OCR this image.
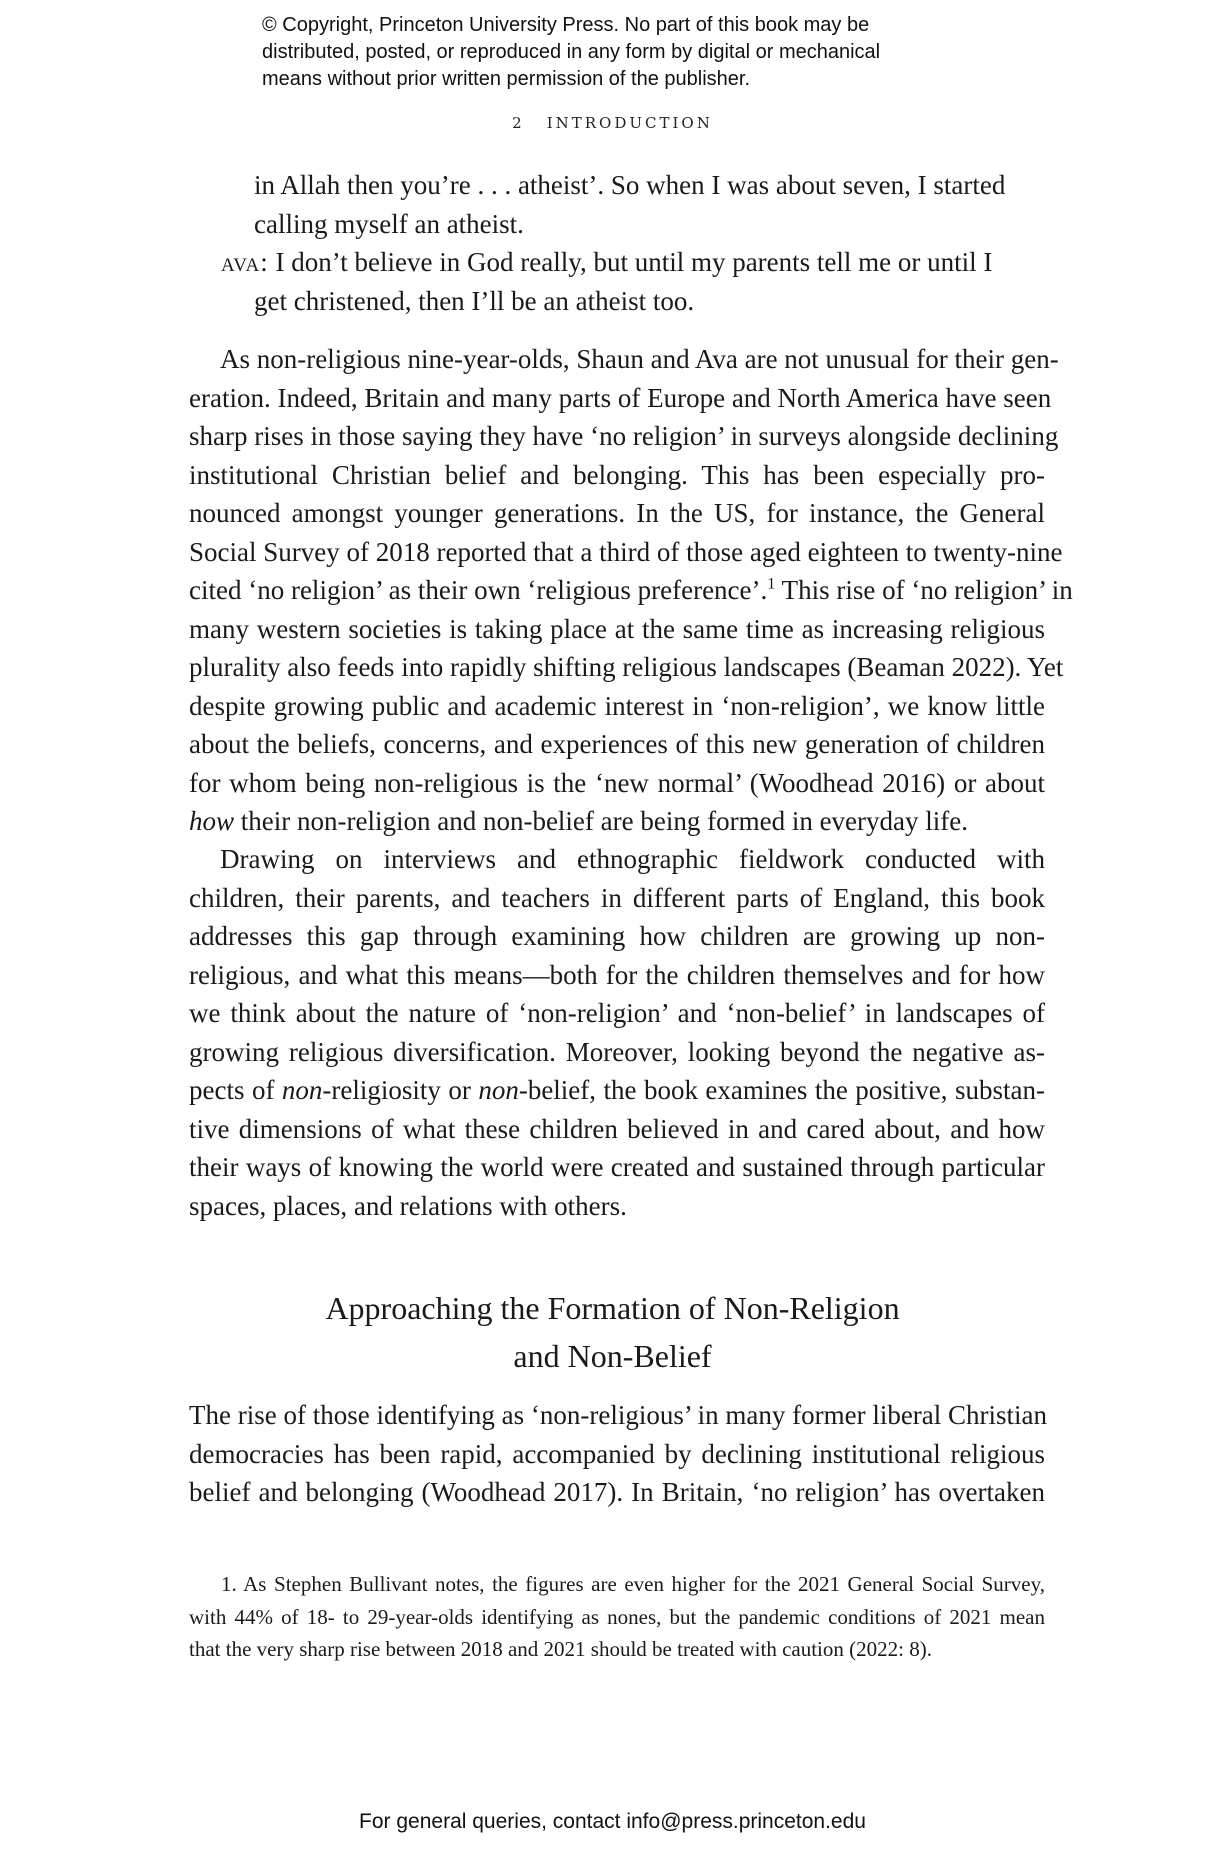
© Copyright, Princeton University Press. No part of this book may be
distributed, posted, or reproduced in any form by digital or mechanical
means without prior written permission of the publisher.
2 INTRODUCTION
in Allah then you’re . . . atheist’. So when I was about seven, I started
calling myself an atheist.
ava: I don’t believe in God really, but until my parents tell me or until I
get christened, then I’ll be an atheist too.
As non-religious nine-year-olds, Shaun and Ava are not unusual for their gen-
eration. Indeed, Britain and many parts of Europe and North America have seen
sharp rises in those saying they have ‘no religion’ in surveys alongside declining
institutional Christian belief and belonging. This has been especially pro-
nounced amongst younger generations. In the US, for instance, the General
Social Survey of 2018 reported that a third of those aged eighteen to twenty-nine
cited ‘no religion’ as their own ‘religious preference’.$^1$ This rise of ‘no religion’ in
many western societies is taking place at the same time as increasing religious
plurality also feeds into rapidly shifting religious landscapes (Beaman 2022). Yet
despite growing public and academic interest in ‘non-religion’, we know little
about the beliefs, concerns, and experiences of this new generation of children
for whom being non-religious is the ‘new normal’ (Woodhead 2016) or about
how their non-religion and non-belief are being formed in everyday life.
Drawing on interviews and ethnographic fieldwork conducted with
children, their parents, and teachers in different parts of England, this book
addresses this gap through examining how children are growing up non-
religious, and what this means—both for the children themselves and for how
we think about the nature of ‘non-religion’ and ‘non-belief’ in landscapes of
growing religious diversification. Moreover, looking beyond the negative as-
pects of non-religiosity or non-belief, the book examines the positive, substan-
tive dimensions of what these children believed in and cared about, and how
their ways of knowing the world were created and sustained through particular
spaces, places, and relations with others.
Approaching the Formation of Non-Religion
and Non-Belief
The rise of those identifying as ‘non-religious’ in many former liberal Christian
democracies has been rapid, accompanied by declining institutional religious
belief and belonging (Woodhead 2017). In Britain, ‘no religion’ has overtaken
1. As Stephen Bullivant notes, the figures are even higher for the 2021 General Social Survey,
with 44% of 18- to 29-year-olds identifying as nones, but the pandemic conditions of 2021 mean
that the very sharp rise between 2018 and 2021 should be treated with caution (2022: 8).
For general queries, contact info@press.princeton.edu
